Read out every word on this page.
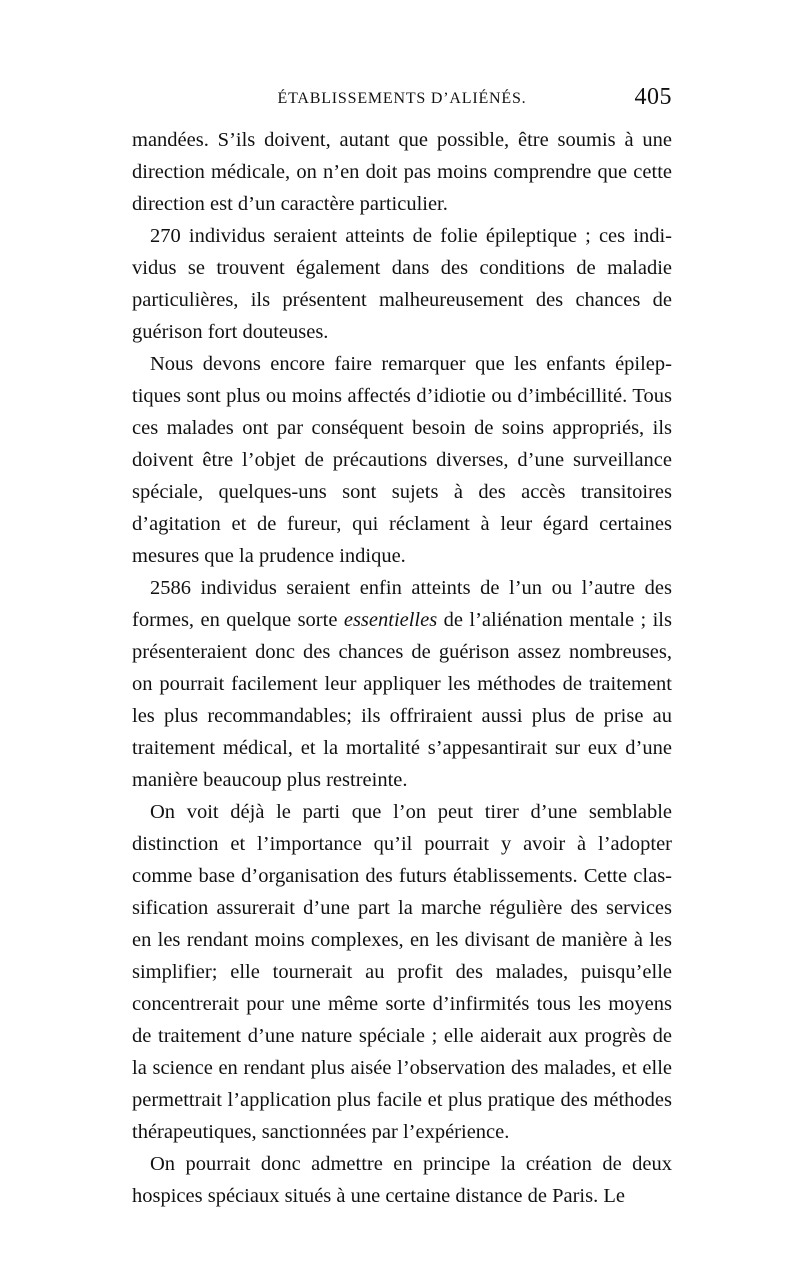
ÉTABLISSEMENTS D’ALIÉNÉS.	405

mandées. S’ils doivent, autant que possible, être soumis à une direction médicale, on n’en doit pas moins comprendre que cette direction est d’un caractère particulier.

270 individus seraient atteints de folie épileptique ; ces individus se trouvent également dans des conditions de maladie particulières, ils présentent malheureusement des chances de guérison fort douteuses.

Nous devons encore faire remarquer que les enfants épileptiques sont plus ou moins affectés d’idiotie ou d’imbécillité. Tous ces malades ont par conséquent besoin de soins appropriés, ils doivent être l’objet de précautions diverses, d’une surveillance spéciale, quelques-uns sont sujets à des accès transitoires d’agitation et de fureur, qui réclament à leur égard certaines mesures que la prudence indique.

2586 individus seraient enfin atteints de l’un ou l’autre des formes, en quelque sorte essentielles de l’aliénation mentale ; ils présenteraient donc des chances de guérison assez nombreuses, on pourrait facilement leur appliquer les méthodes de traitement les plus recommandables; ils offriraient aussi plus de prise au traitement médical, et la mortalité s’appesantirait sur eux d’une manière beaucoup plus restreinte.

On voit déjà le parti que l’on peut tirer d’une semblable distinction et l’importance qu’il pourrait y avoir à l’adopter comme base d’organisation des futurs établissements. Cette classification assurerait d’une part la marche régulière des services en les rendant moins complexes, en les divisant de manière à les simplifier; elle tournerait au profit des malades, puisqu’elle concentrerait pour une même sorte d’infirmités tous les moyens de traitement d’une nature spéciale ; elle aiderait aux progrès de la science en rendant plus aisée l’observation des malades, et elle permettrait l’application plus facile et plus pratique des méthodes thérapeutiques, sanctionnées par l’expérience.

On pourrait donc admettre en principe la création de deux hospices spéciaux situés à une certaine distance de Paris. Le
